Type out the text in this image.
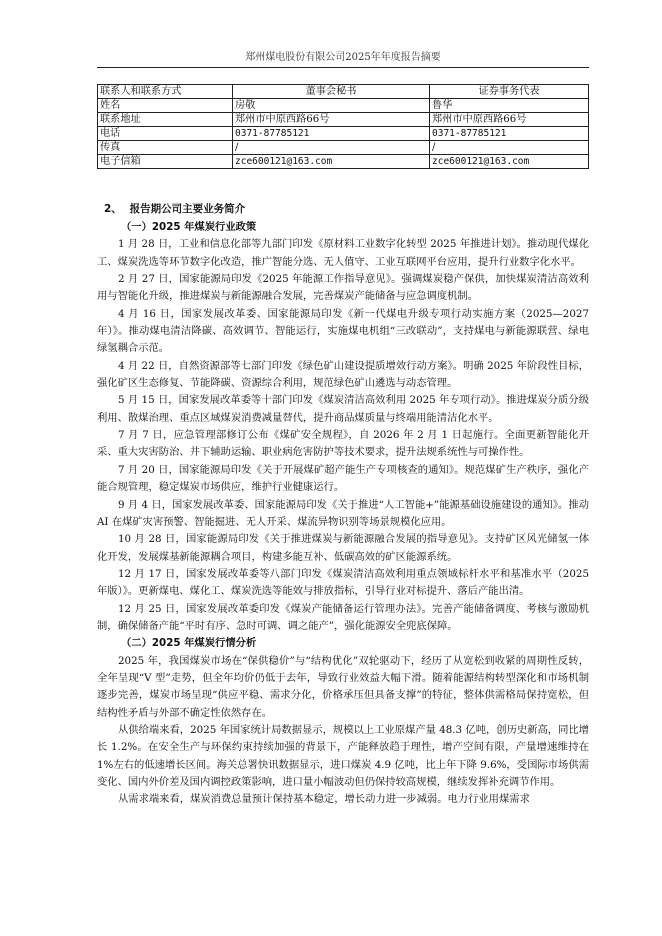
郑州煤电股份有限公司2025年年度报告摘要
联系人和联系方式	董事会秘书	证券事务代表
姓名	房敬	鲁华
联系地址	郑州市中原西路66号	郑州市中原西路66号
电话	0371-87785121	0371-87785121
传真	/	/
电子信箱	zce600121@163.com	zce600121@163.com
2、 报告期公司主要业务简介
（一）2025 年煤炭行业政策

1 月 28 日，工业和信息化部等九部门印发《原材料工业数字化转型 2025 年推进计划》。推动现代煤化工、煤炭洗选等环节数字化改造，推广智能分选、无人值守、工业互联网平台应用，提升行业数字化水平。

2 月 27 日，国家能源局印发《2025 年能源工作指导意见》。强调煤炭稳产保供，加快煤炭清洁高效利用与智能化升级，推进煤炭与新能源融合发展，完善煤炭产能储备与应急调度机制。

4 月 16 日，国家发展改革委、国家能源局印发《新一代煤电升级专项行动实施方案（2025—2027 年）》。推动煤电清洁降碳、高效调节、智能运行，实施煤电机组“三改联动”，支持煤电与新能源联营、绿电绿氢耦合示范。

4 月 22 日，自然资源部等七部门印发《绿色矿山建设提质增效行动方案》。明确 2025 年阶段性目标，强化矿区生态修复、节能降碳、资源综合利用，规范绿色矿山遴选与动态管理。

5 月 15 日，国家发展改革委等十部门印发《煤炭清洁高效利用 2025 年专项行动》。推进煤炭分质分级利用、散煤治理、重点区域煤炭消费减量替代，提升商品煤质量与终端用能清洁化水平。

7 月 7 日，应急管理部修订公布《煤矿安全规程》，自 2026 年 2 月 1 日起施行。全面更新智能化开采、重大灾害防治、井下辅助运输、职业病危害防护等技术要求，提升法规系统性与可操作性。

7 月 20 日，国家能源局印发《关于开展煤矿超产能生产专项核查的通知》。规范煤矿生产秩序，强化产能合规管理，稳定煤炭市场供应，维护行业健康运行。

9 月 4 日，国家发展改革委、国家能源局印发《关于推进“人工智能+”能源基础设施建设的通知》。推动 AI 在煤矿灾害预警、智能掘进、无人开采、煤流异物识别等场景规模化应用。

10 月 28 日，国家能源局印发《关于推进煤炭与新能源融合发展的指导意见》。支持矿区风光储氢一体化开发，发展煤基新能源耦合项目，构建多能互补、低碳高效的矿区能源系统。

12 月 17 日，国家发展改革委等八部门印发《煤炭清洁高效利用重点领域标杆水平和基准水平（2025 年版）》。更新煤电、煤化工、煤炭洗选等能效与排放指标，引导行业对标提升、落后产能出清。

12 月 25 日，国家发展改革委印发《煤炭产能储备运行管理办法》。完善产能储备调度、考核与激励机制，确保储备产能“平时有序、急时可调、调之能产”，强化能源安全兜底保障。

（二）2025 年煤炭行情分析

2025 年，我国煤炭市场在“保供稳价”与“结构优化”双轮驱动下，经历了从宽松到收紧的周期性反转，全年呈现“V 型”走势，但全年均价仍低于去年，导致行业效益大幅下滑。随着能源结构转型深化和市场机制逐步完善，煤炭市场呈现“供应平稳、需求分化，价格承压但具备支撑”的特征，整体供需格局保持宽松，但结构性矛盾与外部不确定性依然存在。

从供给端来看，2025 年国家统计局数据显示，规模以上工业原煤产量 48.3 亿吨，创历史新高，同比增长 1.2%。在安全生产与环保约束持续加强的背景下，产能释放趋于理性，增产空间有限，产量增速维持在 1%左右的低速增长区间。海关总署快讯数据显示，进口煤炭 4.9 亿吨，比上年下降 9.6%，受国际市场供需变化、国内外价差及国内调控政策影响，进口量小幅波动但仍保持较高规模，继续发挥补充调节作用。

从需求端来看，煤炭消费总量预计保持基本稳定，增长动力进一步减弱。电力行业用煤需求
